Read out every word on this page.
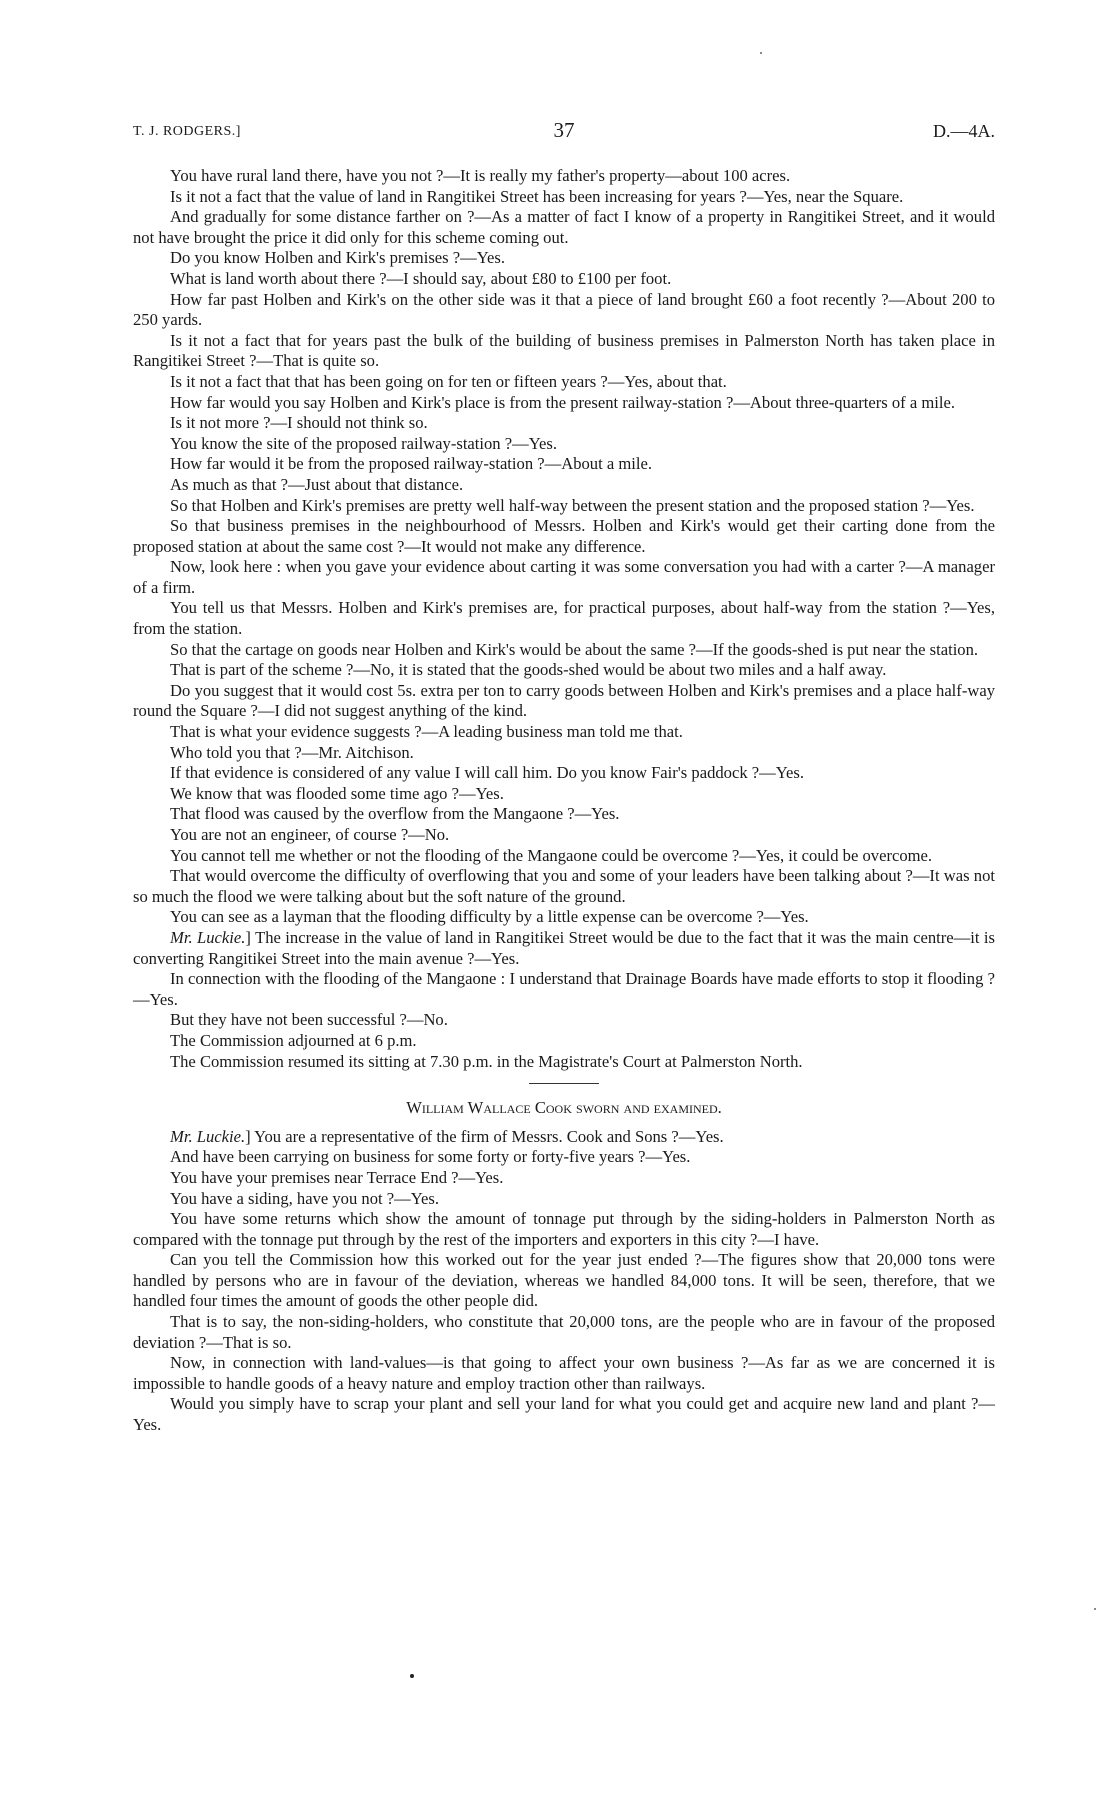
T. J. RODGERS.]	37	D.—4A.

You have rural land there, have you not ?—It is really my father's property—about 100 acres.

Is it not a fact that the value of land in Rangitikei Street has been increasing for years ?—Yes, near the Square.

And gradually for some distance farther on ?—As a matter of fact I know of a property in Rangitikei Street, and it would not have brought the price it did only for this scheme coming out.

Do you know Holben and Kirk's premises ?—Yes.

What is land worth about there ?—I should say, about £80 to £100 per foot.

How far past Holben and Kirk's on the other side was it that a piece of land brought £60 a foot recently ?—About 200 to 250 yards.

Is it not a fact that for years past the bulk of the building of business premises in Palmerston North has taken place in Rangitikei Street ?—That is quite so.

Is it not a fact that that has been going on for ten or fifteen years ?—Yes, about that.

How far would you say Holben and Kirk's place is from the present railway-station ?—About three-quarters of a mile.

Is it not more ?—I should not think so.

You know the site of the proposed railway-station ?—Yes.

How far would it be from the proposed railway-station ?—About a mile.

As much as that ?—Just about that distance.

So that Holben and Kirk's premises are pretty well half-way between the present station and the proposed station ?—Yes.

So that business premises in the neighbourhood of Messrs. Holben and Kirk's would get their carting done from the proposed station at about the same cost ?—It would not make any difference.

Now, look here : when you gave your evidence about carting it was some conversation you had with a carter ?—A manager of a firm.

You tell us that Messrs. Holben and Kirk's premises are, for practical purposes, about half-way from the station ?—Yes, from the station.

So that the cartage on goods near Holben and Kirk's would be about the same ?—If the goods-shed is put near the station.

That is part of the scheme ?—No, it is stated that the goods-shed would be about two miles and a half away.

Do you suggest that it would cost 5s. extra per ton to carry goods between Holben and Kirk's premises and a place half-way round the Square ?—I did not suggest anything of the kind.

That is what your evidence suggests ?—A leading business man told me that.

Who told you that ?—Mr. Aitchison.

If that evidence is considered of any value I will call him. Do you know Fair's paddock ?—Yes.

We know that was flooded some time ago ?—Yes.

That flood was caused by the overflow from the Mangaone ?—Yes.

You are not an engineer, of course ?—No.

You cannot tell me whether or not the flooding of the Mangaone could be overcome ?—Yes, it could be overcome.

That would overcome the difficulty of overflowing that you and some of your leaders have been talking about ?—It was not so much the flood we were talking about but the soft nature of the ground.

You can see as a layman that the flooding difficulty by a little expense can be overcome ?—Yes.

Mr. Luckie.] The increase in the value of land in Rangitikei Street would be due to the fact that it was the main centre—it is converting Rangitikei Street into the main avenue ?—Yes.

In connection with the flooding of the Mangaone : I understand that Drainage Boards have made efforts to stop it flooding ?—Yes.

But they have not been successful ?—No.

The Commission adjourned at 6 p.m.

The Commission resumed its sitting at 7.30 p.m. in the Magistrate's Court at Palmerston North.

William Wallace Cook sworn and examined.

Mr. Luckie.] You are a representative of the firm of Messrs. Cook and Sons ?—Yes.

And have been carrying on business for some forty or forty-five years ?—Yes.

You have your premises near Terrace End ?—Yes.

You have a siding, have you not ?—Yes.

You have some returns which show the amount of tonnage put through by the siding-holders in Palmerston North as compared with the tonnage put through by the rest of the importers and exporters in this city ?—I have.

Can you tell the Commission how this worked out for the year just ended ?—The figures show that 20,000 tons were handled by persons who are in favour of the deviation, whereas we handled 84,000 tons. It will be seen, therefore, that we handled four times the amount of goods the other people did.

That is to say, the non-siding-holders, who constitute that 20,000 tons, are the people who are in favour of the proposed deviation ?—That is so.

Now, in connection with land-values—is that going to affect your own business ?—As far as we are concerned it is impossible to handle goods of a heavy nature and employ traction other than railways.

Would you simply have to scrap your plant and sell your land for what you could get and acquire new land and plant ?—Yes.
